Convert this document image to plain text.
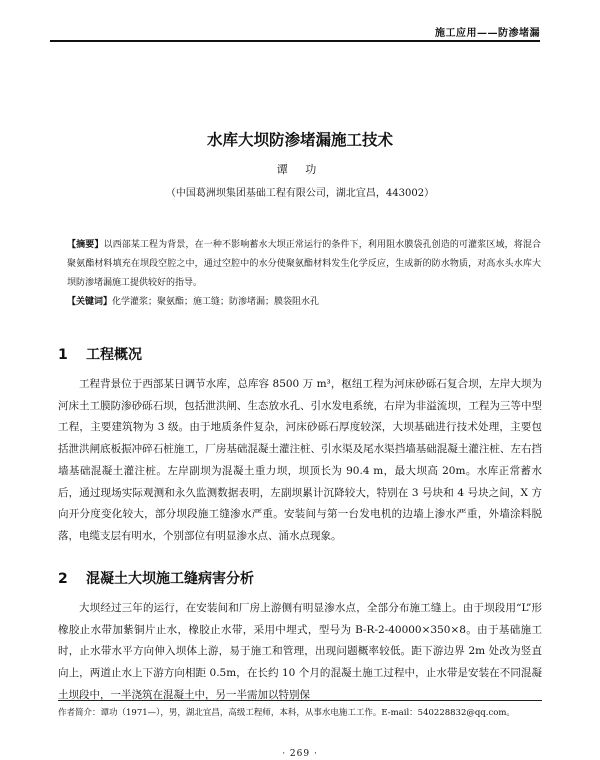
施工应用——防渗堵漏
水库大坝防渗堵漏施工技术
谭 功
（中国葛洲坝集团基础工程有限公司，湖北宜昌，443002）
【摘要】以西部某工程为背景，在一种不影响蓄水大坝正常运行的条件下，利用阻水膜袋孔创造的可灌浆区域，将混合聚氨酯材料填充在坝段空腔之中，通过空腔中的水分使聚氨酯材料发生化学反应，生成新的防水物质，对高水头水库大坝防渗堵漏施工提供较好的指导。
【关键词】化学灌浆；聚氨酯；施工缝；防渗堵漏；膜袋阻水孔
1 工程概况
工程背景位于西部某日调节水库，总库容 8500 万 m³，枢纽工程为河床砂砾石复合坝，左岸大坝为河床土工膜防渗砂砾石坝，包括泄洪闸、生态放水孔、引水发电系统，右岸为非溢流坝，工程为三等中型工程，主要建筑物为 3 级。由于地质条件复杂，河床砂砾石厚度较深，大坝基础进行技术处理，主要包括泄洪闸底板振冲碎石桩施工，厂房基础混凝土灌注桩、引水渠及尾水渠挡墙基础混凝土灌注桩、左右挡墙基础混凝土灌注桩。左岸副坝为混凝土重力坝，坝顶长为 90.4 m，最大坝高 20m。水库正常蓄水后，通过现场实际观测和永久监测数据表明，左副坝累计沉降较大，特别在 3 号块和 4 号块之间，X 方向开分度变化较大，部分坝段施工缝渗水严重。安装间与第一台发电机的边墙上渗水严重，外墙涂料脱落，电缆支层有明水，个别部位有明显渗水点、涌水点现象。
2 混凝土大坝施工缝病害分析
大坝经过三年的运行，在安装间和厂房上游侧有明显渗水点，全部分布施工缝上。由于坝段用“L”形橡胶止水带加紫铜片止水，橡胶止水带，采用中埋式，型号为 B-R-2-40000×350×8。由于基础施工时，止水带水平方向伸入坝体上游，易于施工和管理，出现问题概率较低。距下游边界 2m 处改为竖直向上，两道止水上下游方向相距 0.5m，在长约 10 个月的混凝土施工过程中，止水带是安装在不同混凝土坝段中，一半浇筑在混凝土中，另一半需加以特别保
作者简介：谭功（1971—），男，湖北宜昌，高级工程师，本科，从事水电施工工作。E-mail：540228832@qq.com。
· 269 ·
